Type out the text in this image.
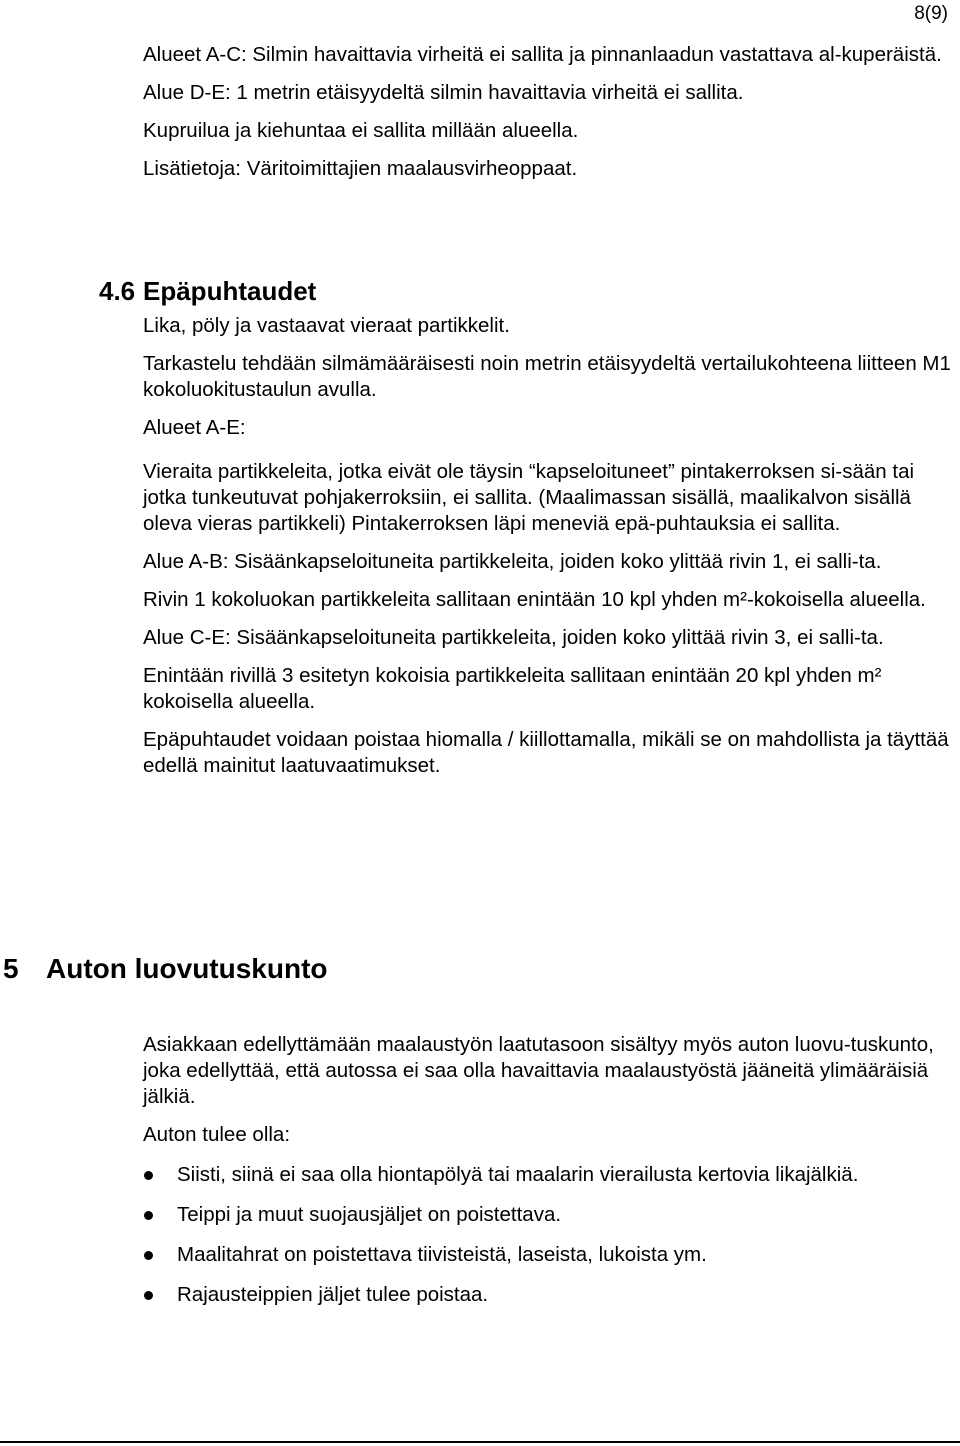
8(9)

Alueet A-C: Silmin havaittavia virheitä ei sallita ja pinnanlaadun vastattava al-kuperäistä.

Alue D-E: 1 metrin etäisyydeltä silmin havaittavia virheitä ei sallita.

Kupruilua ja kiehuntaa ei sallita millään alueella.

Lisätietoja: Väritoimittajien maalausvirheoppaat.

4.6 Epäpuhtaudet

Lika, pöly ja vastaavat vieraat partikkelit.

Tarkastelu tehdään silmämääräisesti noin metrin etäisyydeltä vertailukohteena liitteen M1 kokoluokitustaulun avulla.

Alueet A-E:

Vieraita partikkeleita, jotka eivät ole täysin “kapseloituneet” pintakerroksen si-sään tai jotka tunkeutuvat pohjakerroksiin, ei sallita. (Maalimassan sisällä, maalikalvon sisällä oleva vieras partikkeli) Pintakerroksen läpi meneviä epä-puhtauksia ei sallita.

Alue A-B: Sisäänkapseloituneita partikkeleita, joiden koko ylittää rivin 1, ei salli-ta.

Rivin 1 kokoluokan partikkeleita sallitaan enintään 10 kpl yhden m²-kokoisella alueella.

Alue C-E: Sisäänkapseloituneita partikkeleita, joiden koko ylittää rivin 3, ei salli-ta.

Enintään rivillä 3 esitetyn kokoisia partikkeleita sallitaan enintään 20 kpl yhden m² kokoisella alueella.

Epäpuhtaudet voidaan poistaa hiomalla / kiillottamalla, mikäli se on mahdollista ja täyttää edellä mainitut laatuvaatimukset.

5 Auton luovutuskunto

Asiakkaan edellyttämään maalaustyön laatutasoon sisältyy myös auton luovu-tuskunto, joka edellyttää, että autossa ei saa olla havaittavia maalaustyöstä jääneitä ylimääräisiä jälkiä.

Auton tulee olla:

Siisti, siinä ei saa olla hiontapölyä tai maalarin vierailusta kertovia likajälkiä.
Teippi ja muut suojausjäljet on poistettava.
Maalitahrat on poistettava tiivisteistä, laseista, lukoista ym.
Rajausteippien jäljet tulee poistaa.
